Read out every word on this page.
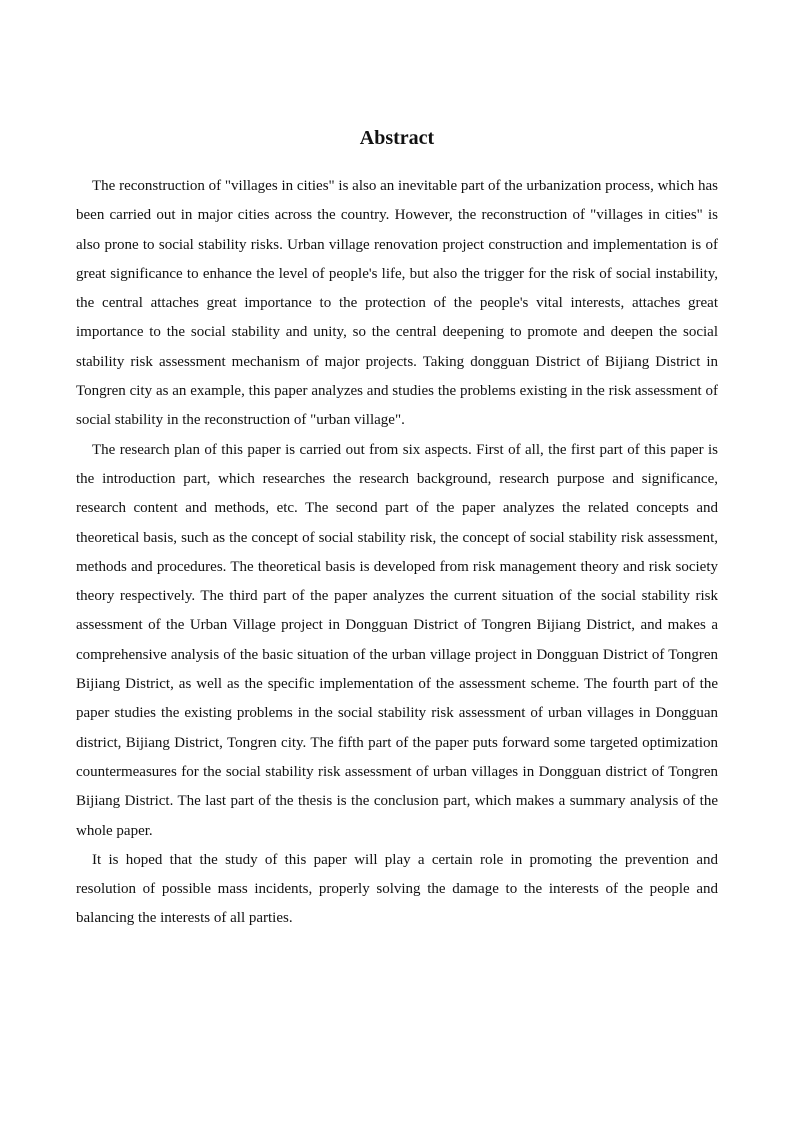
Abstract

The reconstruction of "villages in cities" is also an inevitable part of the urbanization process, which has been carried out in major cities across the country. However, the reconstruction of "villages in cities" is also prone to social stability risks. Urban village renovation project construction and implementation is of great significance to enhance the level of people's life, but also the trigger for the risk of social instability, the central attaches great importance to the protection of the people's vital interests, attaches great importance to the social stability and unity, so the central deepening to promote and deepen the social stability risk assessment mechanism of major projects. Taking dongguan District of Bijiang District in Tongren city as an example, this paper analyzes and studies the problems existing in the risk assessment of social stability in the reconstruction of "urban village".

The research plan of this paper is carried out from six aspects. First of all, the first part of this paper is the introduction part, which researches the research background, research purpose and significance, research content and methods, etc. The second part of the paper analyzes the related concepts and theoretical basis, such as the concept of social stability risk, the concept of social stability risk assessment, methods and procedures. The theoretical basis is developed from risk management theory and risk society theory respectively. The third part of the paper analyzes the current situation of the social stability risk assessment of the Urban Village project in Dongguan District of Tongren Bijiang District, and makes a comprehensive analysis of the basic situation of the urban village project in Dongguan District of Tongren Bijiang District, as well as the specific implementation of the assessment scheme. The fourth part of the paper studies the existing problems in the social stability risk assessment of urban villages in Dongguan district, Bijiang District, Tongren city. The fifth part of the paper puts forward some targeted optimization countermeasures for the social stability risk assessment of urban villages in Dongguan district of Tongren Bijiang District. The last part of the thesis is the conclusion part, which makes a summary analysis of the whole paper.

It is hoped that the study of this paper will play a certain role in promoting the prevention and resolution of possible mass incidents, properly solving the damage to the interests of the people and balancing the interests of all parties.
